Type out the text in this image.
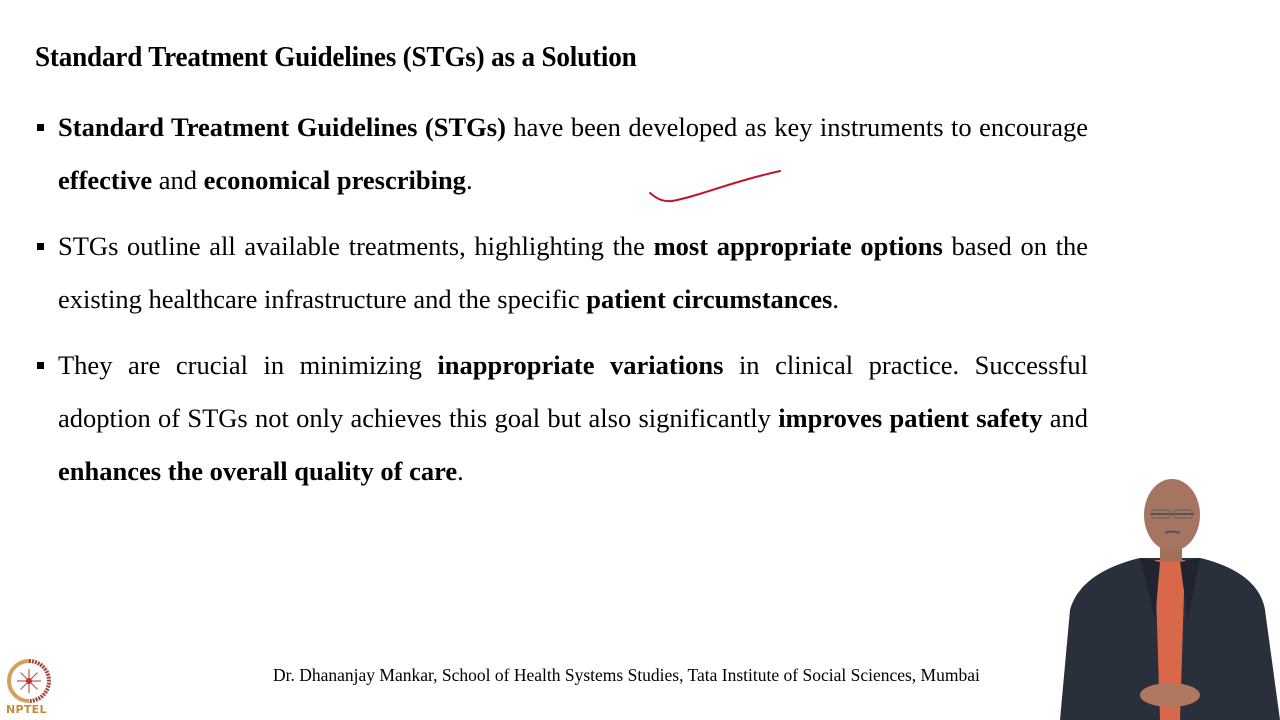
Standard Treatment Guidelines (STGs) as a Solution
Standard Treatment Guidelines (STGs) have been developed as key instruments to encourage effective and economical prescribing.
STGs outline all available treatments, highlighting the most appropriate options based on the existing healthcare infrastructure and the specific patient circumstances.
They are crucial in minimizing inappropriate variations in clinical practice. Successful adoption of STGs not only achieves this goal but also significantly improves patient safety and enhances the overall quality of care.
NPTEL
Dr. Dhananjay Mankar, School of Health Systems Studies, Tata Institute of Social Sciences, Mumbai
